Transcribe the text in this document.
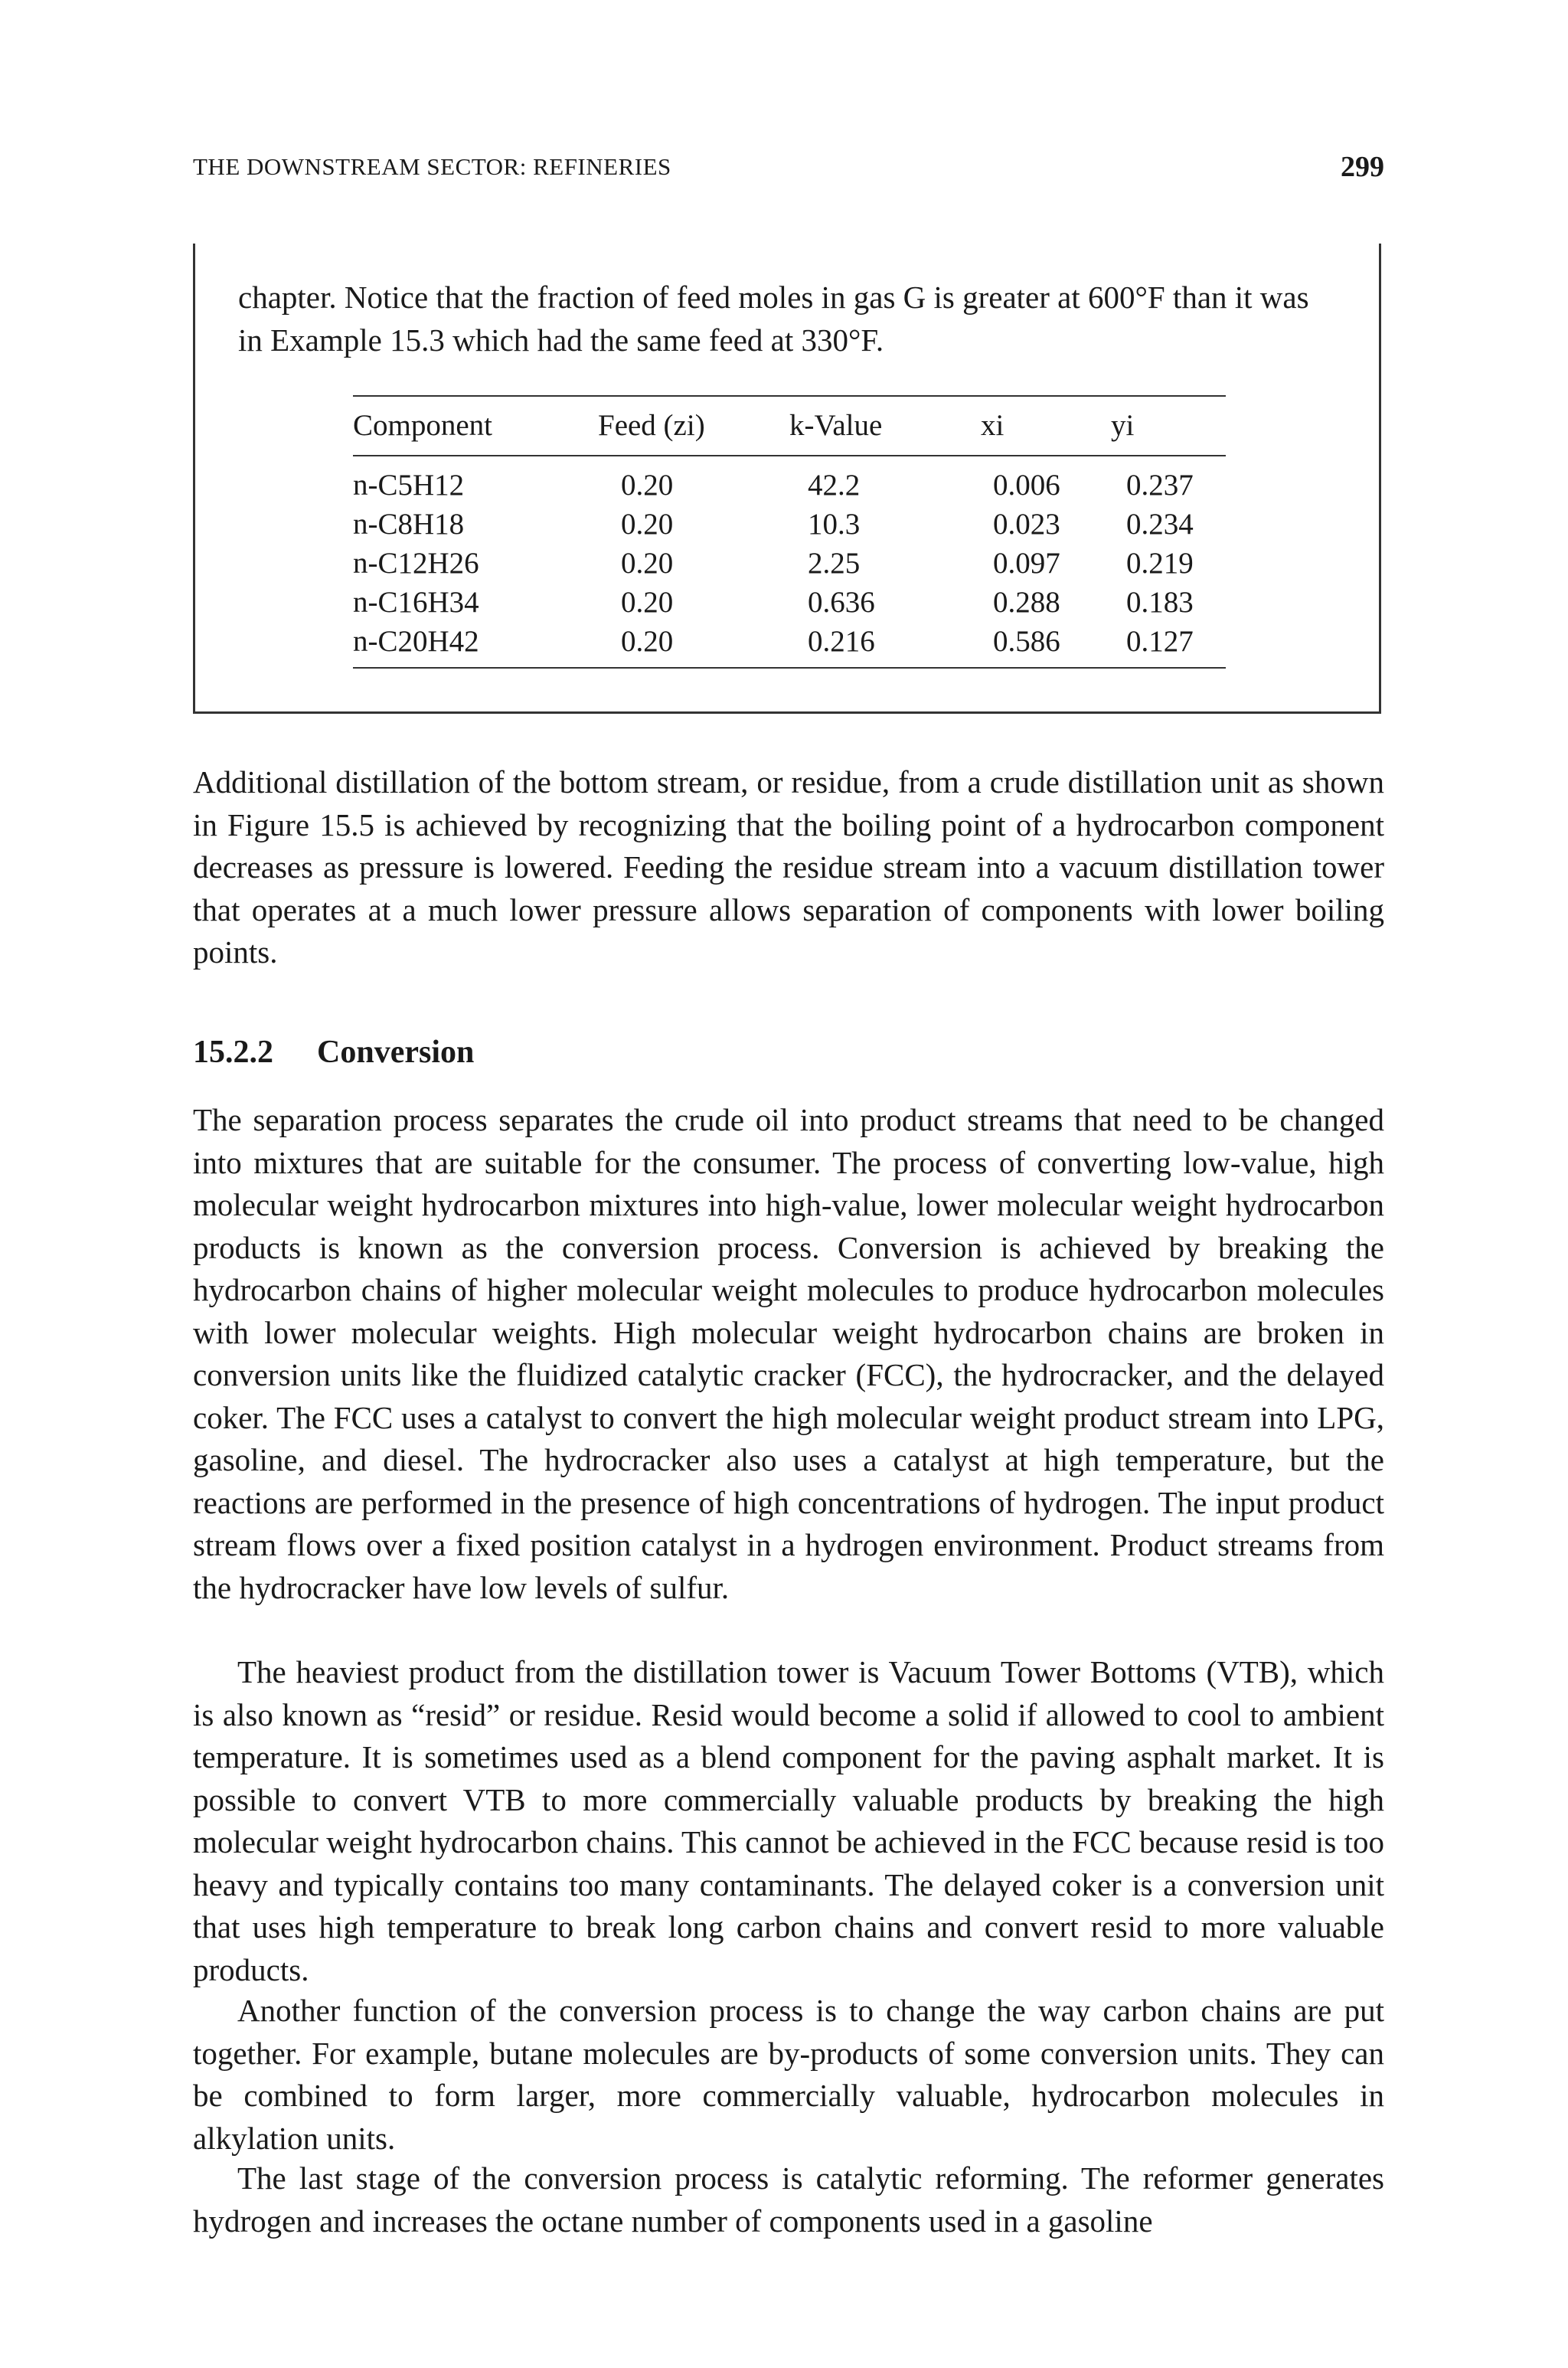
THE DOWNSTREAM SECTOR: REFINERIES	299

chapter. Notice that the fraction of feed moles in gas G is greater at 600°F than it was in Example 15.3 which had the same feed at 330°F.

Component	Feed (zi)	k-Value	xi	yi
n-C5H12	0.20	42.2	0.006	0.237
n-C8H18	0.20	10.3	0.023	0.234
n-C12H26	0.20	2.25	0.097	0.219
n-C16H34	0.20	0.636	0.288	0.183
n-C20H42	0.20	0.216	0.586	0.127

Additional distillation of the bottom stream, or residue, from a crude distillation unit as shown in Figure 15.5 is achieved by recognizing that the boiling point of a hydrocarbon component decreases as pressure is lowered. Feeding the residue stream into a vacuum distillation tower that operates at a much lower pressure allows separation of components with lower boiling points.

15.2.2 Conversion

The separation process separates the crude oil into product streams that need to be changed into mixtures that are suitable for the consumer. The process of converting low-value, high molecular weight hydrocarbon mixtures into high-value, lower molecular weight hydrocarbon products is known as the conversion process. Conversion is achieved by breaking the hydrocarbon chains of higher molecular weight molecules to produce hydrocarbon molecules with lower molecular weights. High molecular weight hydrocarbon chains are broken in conversion units like the fluidized catalytic cracker (FCC), the hydrocracker, and the delayed coker. The FCC uses a catalyst to convert the high molecular weight product stream into LPG, gasoline, and diesel. The hydrocracker also uses a catalyst at high temperature, but the reactions are performed in the presence of high concentrations of hydrogen. The input product stream flows over a fixed position catalyst in a hydrogen environment. Product streams from the hydrocracker have low levels of sulfur.

The heaviest product from the distillation tower is Vacuum Tower Bottoms (VTB), which is also known as “resid” or residue. Resid would become a solid if allowed to cool to ambient temperature. It is sometimes used as a blend component for the paving asphalt market. It is possible to convert VTB to more commercially valuable products by breaking the high molecular weight hydrocarbon chains. This cannot be achieved in the FCC because resid is too heavy and typically contains too many contaminants. The delayed coker is a conversion unit that uses high temperature to break long carbon chains and convert resid to more valuable products.

Another function of the conversion process is to change the way carbon chains are put together. For example, butane molecules are by-products of some conversion units. They can be combined to form larger, more commercially valuable, hydrocarbon molecules in alkylation units.

The last stage of the conversion process is catalytic reforming. The reformer generates hydrogen and increases the octane number of components used in a gasoline
